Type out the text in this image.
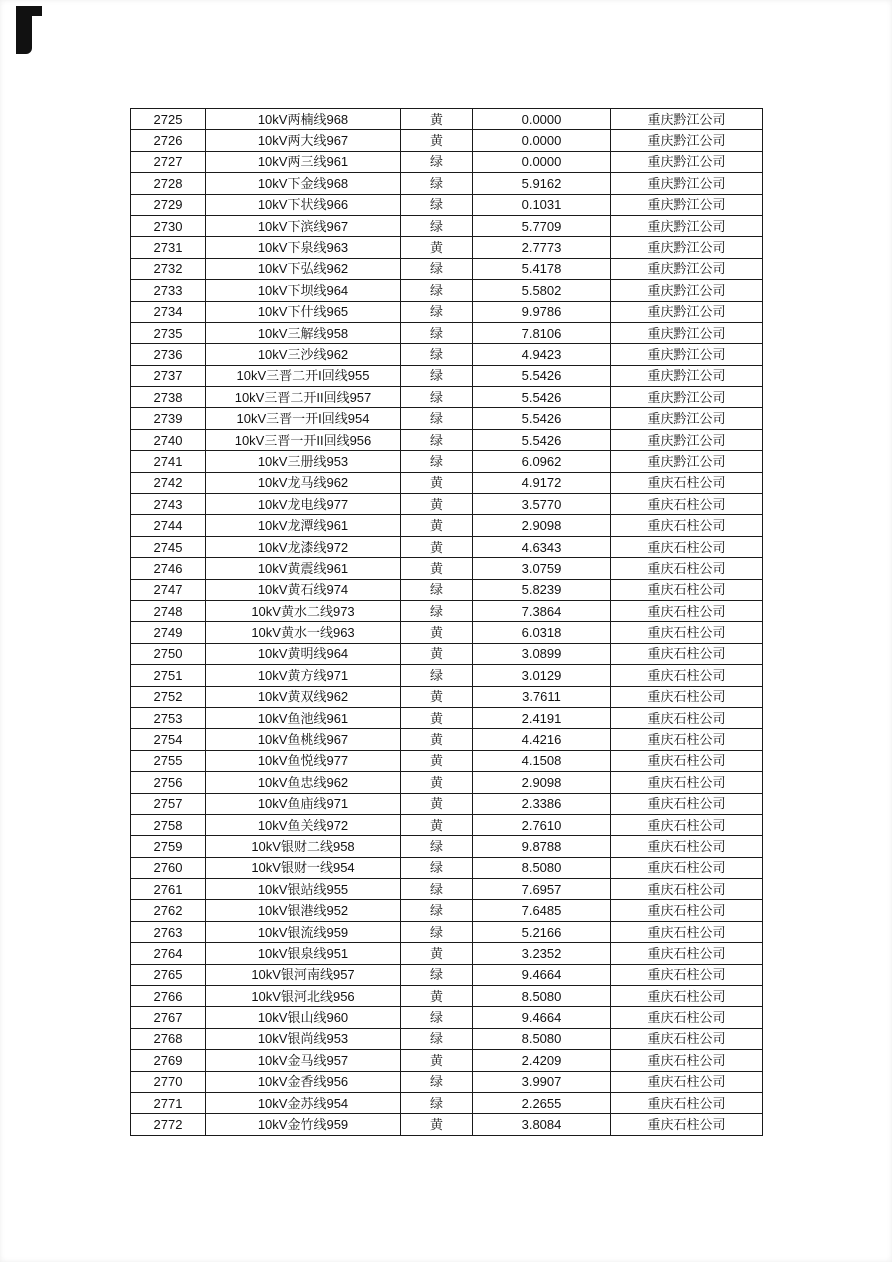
2725	10kV两楠线968	黄	0.0000	重庆黔江公司
2726	10kV两大线967	黄	0.0000	重庆黔江公司
2727	10kV两三线961	绿	0.0000	重庆黔江公司
2728	10kV下金线968	绿	5.9162	重庆黔江公司
2729	10kV下状线966	绿	0.1031	重庆黔江公司
2730	10kV下滨线967	绿	5.7709	重庆黔江公司
2731	10kV下泉线963	黄	2.7773	重庆黔江公司
2732	10kV下弘线962	绿	5.4178	重庆黔江公司
2733	10kV下坝线964	绿	5.5802	重庆黔江公司
2734	10kV下什线965	绿	9.9786	重庆黔江公司
2735	10kV三解线958	绿	7.8106	重庆黔江公司
2736	10kV三沙线962	绿	4.9423	重庆黔江公司
2737	10kV三晋二开I回线955	绿	5.5426	重庆黔江公司
2738	10kV三晋二开II回线957	绿	5.5426	重庆黔江公司
2739	10kV三晋一开I回线954	绿	5.5426	重庆黔江公司
2740	10kV三晋一开II回线956	绿	5.5426	重庆黔江公司
2741	10kV三册线953	绿	6.0962	重庆黔江公司
2742	10kV龙马线962	黄	4.9172	重庆石柱公司
2743	10kV龙电线977	黄	3.5770	重庆石柱公司
2744	10kV龙潭线961	黄	2.9098	重庆石柱公司
2745	10kV龙漆线972	黄	4.6343	重庆石柱公司
2746	10kV黄震线961	黄	3.0759	重庆石柱公司
2747	10kV黄石线974	绿	5.8239	重庆石柱公司
2748	10kV黄水二线973	绿	7.3864	重庆石柱公司
2749	10kV黄水一线963	黄	6.0318	重庆石柱公司
2750	10kV黄明线964	黄	3.0899	重庆石柱公司
2751	10kV黄方线971	绿	3.0129	重庆石柱公司
2752	10kV黄双线962	黄	3.7611	重庆石柱公司
2753	10kV鱼池线961	黄	2.4191	重庆石柱公司
2754	10kV鱼桃线967	黄	4.4216	重庆石柱公司
2755	10kV鱼悦线977	黄	4.1508	重庆石柱公司
2756	10kV鱼忠线962	黄	2.9098	重庆石柱公司
2757	10kV鱼庙线971	黄	2.3386	重庆石柱公司
2758	10kV鱼关线972	黄	2.7610	重庆石柱公司
2759	10kV银财二线958	绿	9.8788	重庆石柱公司
2760	10kV银财一线954	绿	8.5080	重庆石柱公司
2761	10kV银站线955	绿	7.6957	重庆石柱公司
2762	10kV银港线952	绿	7.6485	重庆石柱公司
2763	10kV银流线959	绿	5.2166	重庆石柱公司
2764	10kV银泉线951	黄	3.2352	重庆石柱公司
2765	10kV银河南线957	绿	9.4664	重庆石柱公司
2766	10kV银河北线956	黄	8.5080	重庆石柱公司
2767	10kV银山线960	绿	9.4664	重庆石柱公司
2768	10kV银尚线953	绿	8.5080	重庆石柱公司
2769	10kV金马线957	黄	2.4209	重庆石柱公司
2770	10kV金香线956	绿	3.9907	重庆石柱公司
2771	10kV金苏线954	绿	2.2655	重庆石柱公司
2772	10kV金竹线959	黄	3.8084	重庆石柱公司
